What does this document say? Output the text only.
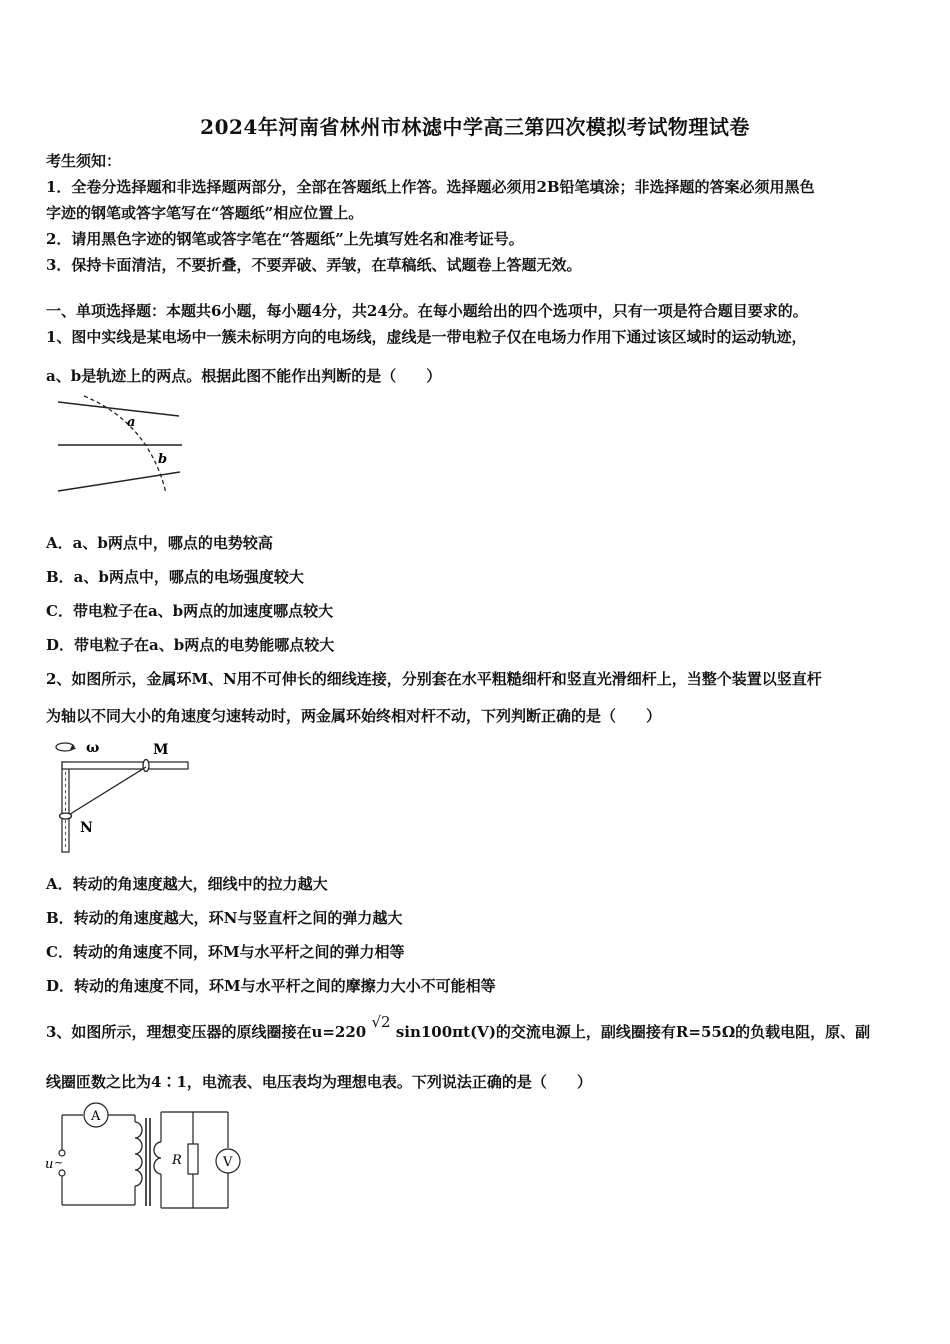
2024年河南省林州市林滤中学高三第四次模拟考试物理试卷
考生须知：
1．全卷分选择题和非选择题两部分，全部在答题纸上作答。选择题必须用2B铅笔填涂；非选择题的答案必须用黑色
字迹的钢笔或答字笔写在“答题纸”相应位置上。
2．请用黑色字迹的钢笔或答字笔在“答题纸”上先填写姓名和准考证号。
3．保持卡面清洁，不要折叠，不要弄破、弄皱，在草稿纸、试题卷上答题无效。
一、单项选择题：本题共6小题，每小题4分，共24分。在每小题给出的四个选项中，只有一项是符合题目要求的。
1、图中实线是某电场中一簇未标明方向的电场线，虚线是一带电粒子仅在电场力作用下通过该区域时的运动轨迹，
a、b是轨迹上的两点。根据此图不能作出判断的是（　　）
a
b
A．a、b两点中，哪点的电势较高
B．a、b两点中，哪点的电场强度较大
C．带电粒子在a、b两点的加速度哪点较大
D．带电粒子在a、b两点的电势能哪点较大
2、如图所示，金属环M、N用不可伸长的细线连接，分别套在水平粗糙细杆和竖直光滑细杆上，当整个装置以竖直杆
为轴以不同大小的角速度匀速转动时，两金属环始终相对杆不动，下列判断正确的是（　　）
ω	M
N
A．转动的角速度越大，细线中的拉力越大
B．转动的角速度越大，环N与竖直杆之间的弹力越大
C．转动的角速度不同，环M与水平杆之间的弹力相等
D．转动的角速度不同，环M与水平杆之间的摩擦力大小不可能相等
3、如图所示，理想变压器的原线圈接在u=220 √2 sin100πt(V)的交流电源上，副线圈接有R=55Ω的负载电阻，原、副
线圈匝数之比为4∶1，电流表、电压表均为理想电表。下列说法正确的是（　　）
A
u ~	R	V
